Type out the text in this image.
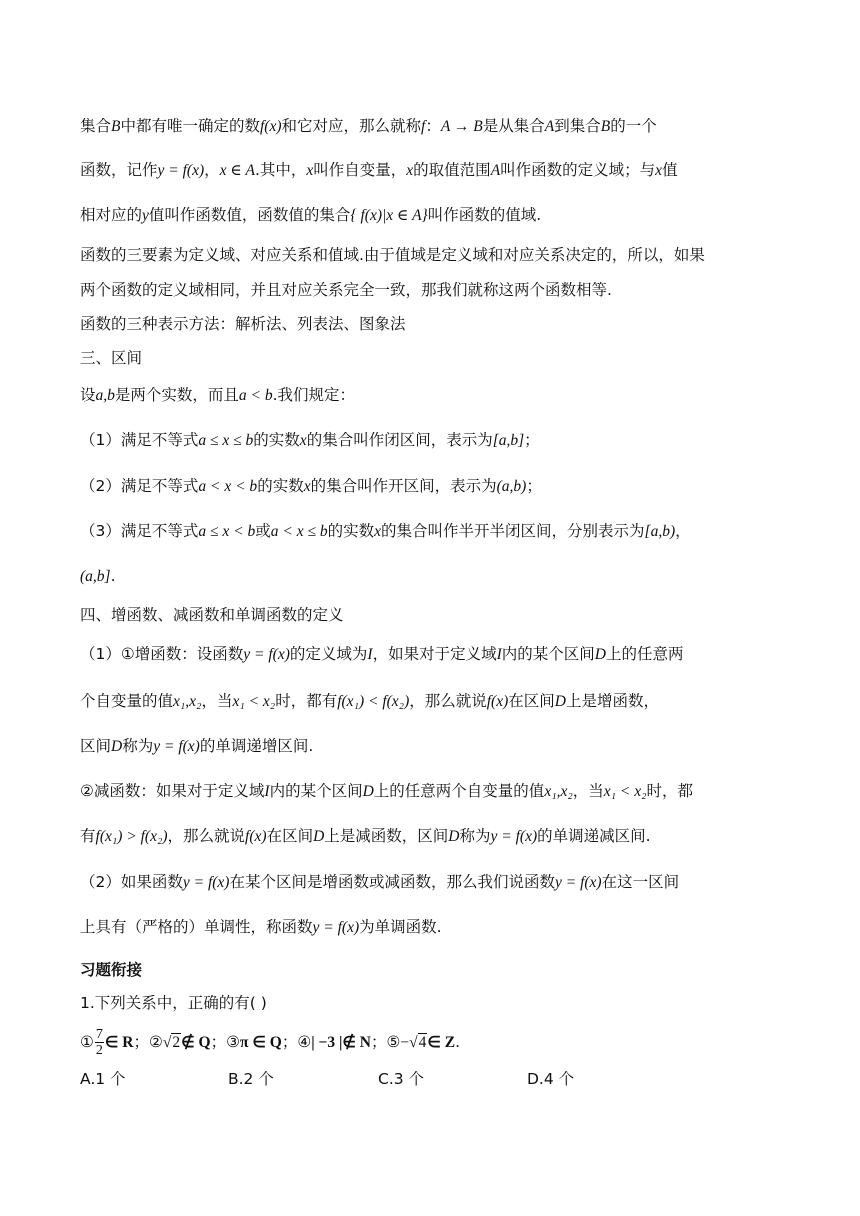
集合B中都有唯一确定的数f(x)和它对应，那么就称f：A → B是从集合A到集合B的一个
函数，记作y = f(x)，x ∈ A.其中，x叫作自变量，x的取值范围A叫作函数的定义域；与x值
相对应的y值叫作函数值，函数值的集合{ f(x)|x ∈ A}叫作函数的值域.
函数的三要素为定义域、对应关系和值域.由于值域是定义域和对应关系决定的，所以，如果
两个函数的定义域相同，并且对应关系完全一致，那我们就称这两个函数相等.
函数的三种表示方法：解析法、列表法、图象法
三、区间
设a,b是两个实数，而且a < b.我们规定：
（1）满足不等式a ≤ x ≤ b的实数x的集合叫作闭区间，表示为[a,b]；
（2）满足不等式a < x < b的实数x的集合叫作开区间，表示为(a,b)；
（3）满足不等式a ≤ x < b或a < x ≤ b的实数x的集合叫作半开半闭区间，分别表示为[a,b)，
(a,b].
四、增函数、减函数和单调函数的定义
（1）①增函数：设函数y = f(x)的定义域为I，如果对于定义域I内的某个区间D上的任意两
个自变量的值x₁,x₂，当x₁ < x₂时，都有f(x₁) < f(x₂)，那么就说f(x)在区间D上是增函数，
区间D称为y = f(x)的单调递增区间.
②减函数：如果对于定义域I内的某个区间D上的任意两个自变量的值x₁,x₂，当x₁ < x₂时，都
有f(x₁) > f(x₂)，那么就说f(x)在区间D上是减函数，区间D称为y = f(x)的单调递减区间.
（2）如果函数y = f(x)在某个区间是增函数或减函数，那么我们说函数y = f(x)在这一区间
上具有（严格的）单调性，称函数y = f(x)为单调函数.
习题衔接
1.下列关系中，正确的有( )
① $\frac{7}{2}$ ∈ R；②√2∉ Q；③π ∈ Q；④| −3 |∉ N；⑤−√4∈ Z.
A.1 个	B.2 个	C.3 个	D.4 个
